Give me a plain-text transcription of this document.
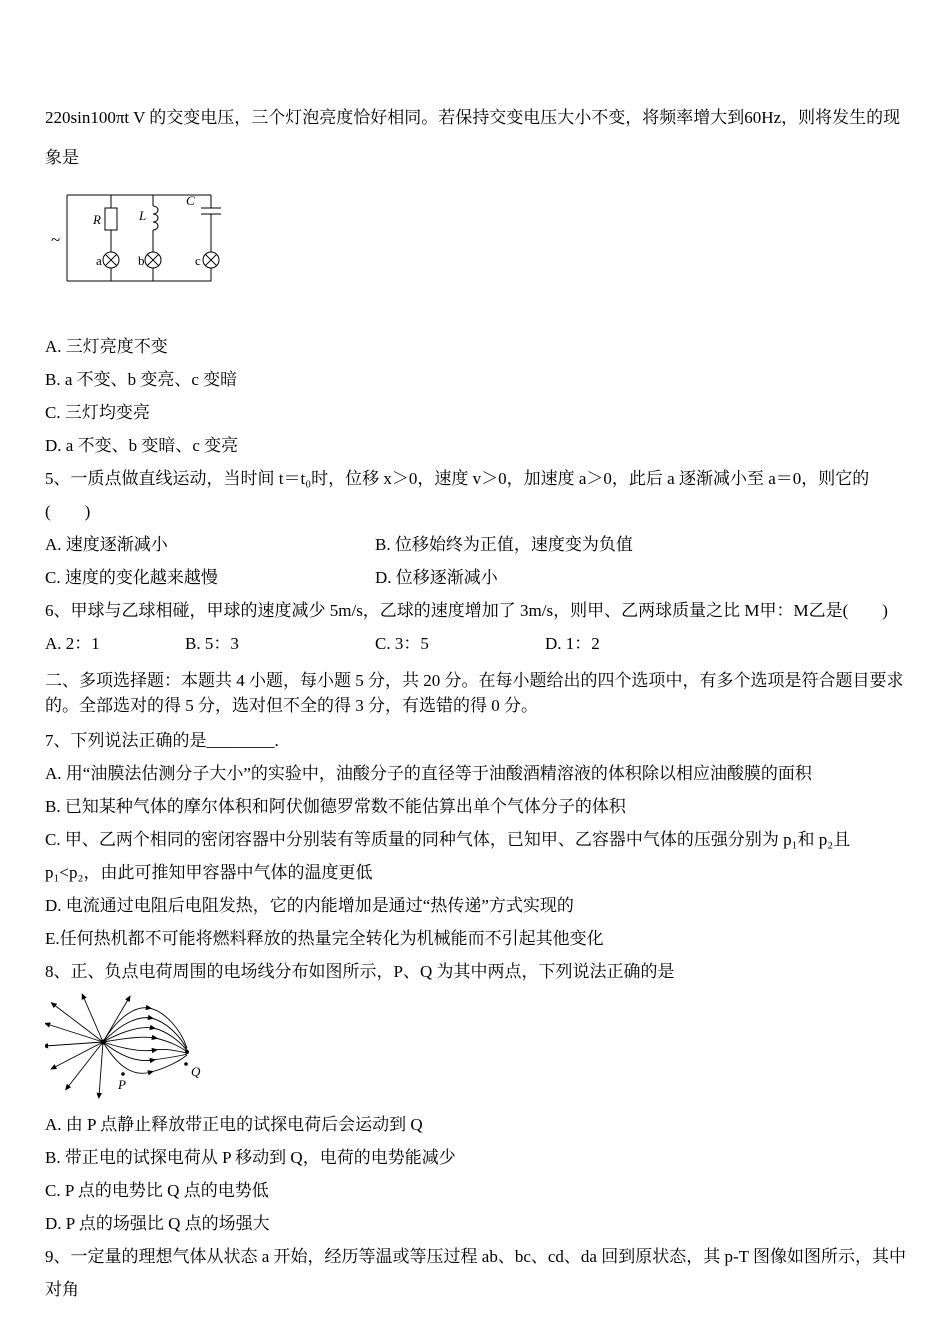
220sin100πt V 的交变电压，三个灯泡亮度恰好相同。若保持交变电压大小不变，将频率增大到60Hz，则将发生的现象是

~
R
a
L
b
C
c

A. 三灯亮度不变

B. a 不变、b 变亮、c 变暗

C. 三灯均变亮

D. a 不变、b 变暗、c 变亮

5、一质点做直线运动，当时间 t＝t₀时，位移 x＞0，速度 v＞0，加速度 a＞0，此后 a 逐渐减小至 a＝0，则它的(　　)

A. 速度逐渐减小	B. 位移始终为正值，速度变为负值

C. 速度的变化越来越慢	D. 位移逐渐减小

6、甲球与乙球相碰，甲球的速度减少 5m/s，乙球的速度增加了 3m/s，则甲、乙两球质量之比 M甲：M乙是(　　)

A. 2：1	B. 5：3	C. 3：5	D. 1：2

二、多项选择题：本题共 4 小题，每小题 5 分，共 20 分。在每小题给出的四个选项中，有多个选项是符合题目要求的。全部选对的得 5 分，选对但不全的得 3 分，有选错的得 0 分。

7、下列说法正确的是________.

A. 用“油膜法估测分子大小”的实验中，油酸分子的直径等于油酸酒精溶液的体积除以相应油酸膜的面积

B. 已知某种气体的摩尔体积和阿伏伽德罗常数不能估算出单个气体分子的体积

C. 甲、乙两个相同的密闭容器中分别装有等质量的同种气体，已知甲、乙容器中气体的压强分别为 p₁和 p₂且 p₁<p₂，由此可推知甲容器中气体的温度更低

D. 电流通过电阻后电阻发热，它的内能增加是通过“热传递”方式实现的

E.任何热机都不可能将燃料释放的热量完全转化为机械能而不引起其他变化

8、正、负点电荷周围的电场线分布如图所示，P、Q 为其中两点，下列说法正确的是

P
Q

A. 由 P 点静止释放带正电的试探电荷后会运动到 Q

B. 带正电的试探电荷从 P 移动到 Q，电荷的电势能减少

C. P 点的电势比 Q 点的电势低

D. P 点的场强比 Q 点的场强大

9、一定量的理想气体从状态 a 开始，经历等温或等压过程 ab、bc、cd、da 回到原状态，其 p-T 图像如图所示，其中对角
